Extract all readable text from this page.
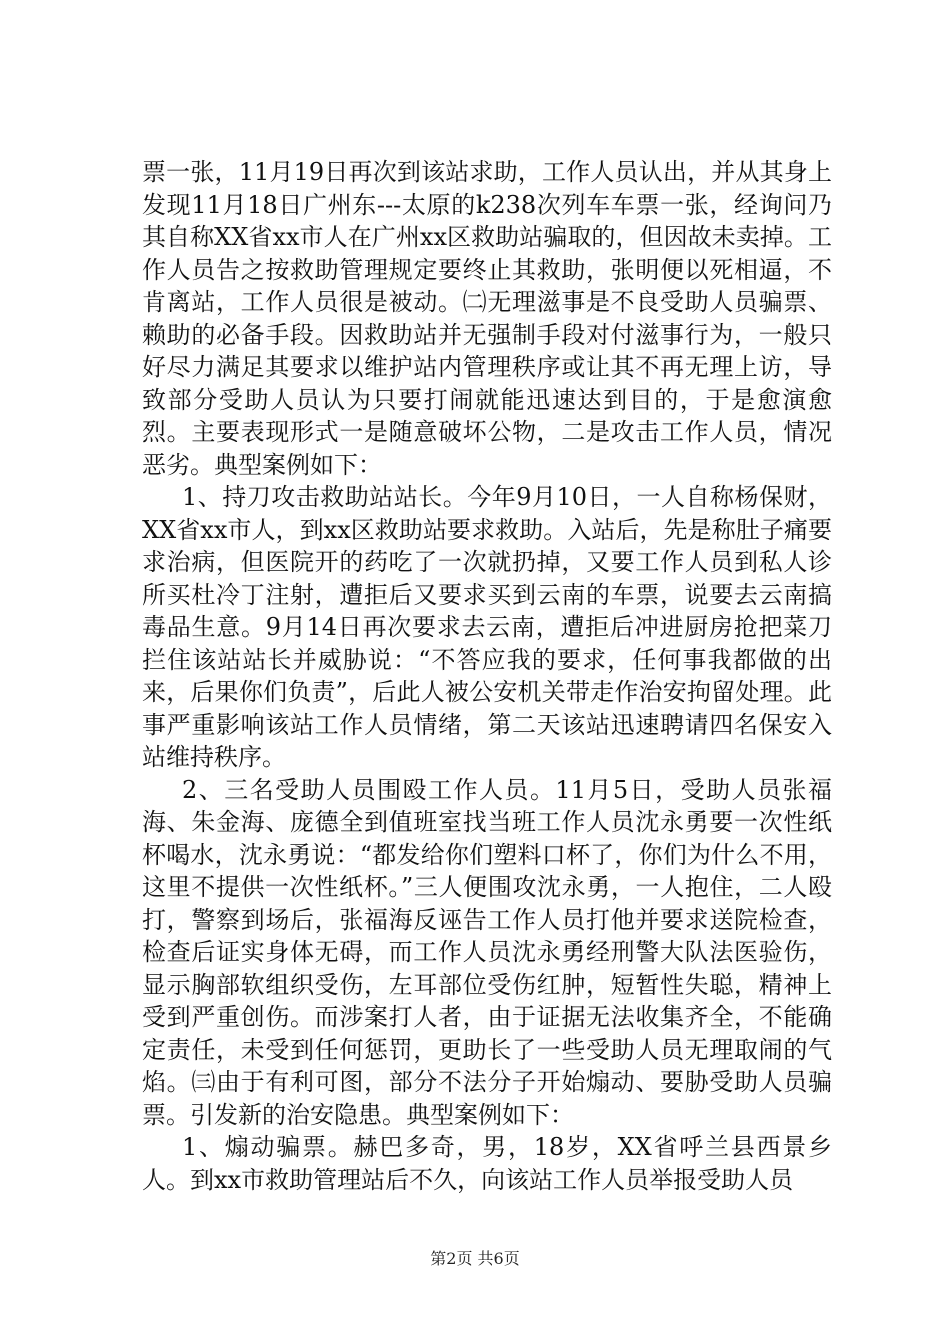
票一张，11月19日再次到该站求助，工作人员认出，并从其身上发现11月18日广州东---太原的k238次列车车票一张，经询问乃其自称XX省xx市人在广州xx区救助站骗取的，但因故未卖掉。工作人员告之按救助管理规定要终止其救助，张明便以死相逼，不肯离站，工作人员很是被动。㈡无理滋事是不良受助人员骗票、赖助的必备手段。因救助站并无强制手段对付滋事行为，一般只好尽力满足其要求以维护站内管理秩序或让其不再无理上访，导致部分受助人员认为只要打闹就能迅速达到目的，于是愈演愈烈。主要表现形式一是随意破坏公物，二是攻击工作人员，情况恶劣。典型案例如下：

1、持刀攻击救助站站长。今年9月10日，一人自称杨保财，XX省xx市人，到xx区救助站要求救助。入站后，先是称肚子痛要求治病，但医院开的药吃了一次就扔掉，又要工作人员到私人诊所买杜冷丁注射，遭拒后又要求买到云南的车票，说要去云南搞毒品生意。9月14日再次要求去云南，遭拒后冲进厨房抢把菜刀拦住该站站长并威胁说：“不答应我的要求，任何事我都做的出来，后果你们负责”，后此人被公安机关带走作治安拘留处理。此事严重影响该站工作人员情绪，第二天该站迅速聘请四名保安入站维持秩序。

2、三名受助人员围殴工作人员。11月5日，受助人员张福海、朱金海、庞德全到值班室找当班工作人员沈永勇要一次性纸杯喝水，沈永勇说：“都发给你们塑料口杯了，你们为什么不用，这里不提供一次性纸杯。”三人便围攻沈永勇，一人抱住，二人殴打，警察到场后，张福海反诬告工作人员打他并要求送院检查，检查后证实身体无碍，而工作人员沈永勇经刑警大队法医验伤，显示胸部软组织受伤，左耳部位受伤红肿，短暂性失聪，精神上受到严重创伤。而涉案打人者，由于证据无法收集齐全，不能确定责任，未受到任何惩罚，更助长了一些受助人员无理取闹的气焰。㈢由于有利可图，部分不法分子开始煽动、要胁受助人员骗票。引发新的治安隐患。典型案例如下：

1、煽动骗票。赫巴多奇，男，18岁，XX省呼兰县西景乡人。到xx市救助管理站后不久，向该站工作人员举报受助人员

第2页 共6页
